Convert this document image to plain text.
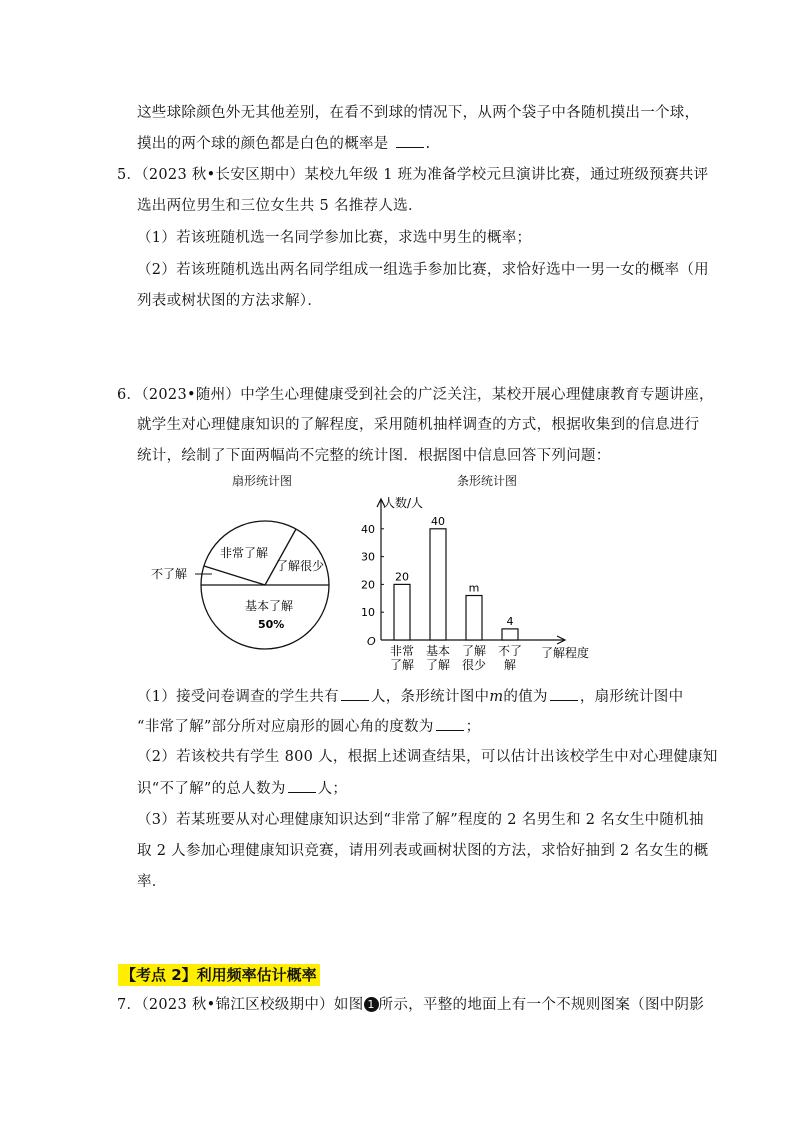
这些球除颜色外无其他差别，在看不到球的情况下，从两个袋子中各随机摸出一个球，
摸出的两个球的颜色都是白色的概率是	.
5．（2023 秋•长安区期中）某校九年级 1 班为准备学校元旦演讲比赛，通过班级预赛共评
选出两位男生和三位女生共 5 名推荐人选．
（1）若该班随机选一名同学参加比赛，求选中男生的概率；
（2）若该班随机选出两名同学组成一组选手参加比赛，求恰好选中一男一女的概率（用
列表或树状图的方法求解）．
6．（2023•随州）中学生心理健康受到社会的广泛关注，某校开展心理健康教育专题讲座，
就学生对心理健康知识的了解程度，采用随机抽样调查的方式，根据收集到的信息进行
统计，绘制了下面两幅尚不完整的统计图．根据图中信息回答下列问题：
扇形统计图
非常了解
了解很少
不了解
基本了解
50%
条形统计图
人数/人
了解程度
O
10
20
30
40
20
非常
了解
40
基本
了解
m
了解
很少
4
不了
解
（1）接受问卷调查的学生共有 人，条形统计图中m的值为 ，扇形统计图中
“非常了解”部分所对应扇形的圆心角的度数为 ；
（2）若该校共有学生 800 人，根据上述调查结果，可以估计出该校学生中对心理健康知
识“不了解”的总人数为 人；
（3）若某班要从对心理健康知识达到“非常了解”程度的 2 名男生和 2 名女生中随机抽
取 2 人参加心理健康知识竞赛，请用列表或画树状图的方法，求恰好抽到 2 名女生的概
率．
【考点 2】利用频率估计概率
7．（2023 秋•锦江区校级期中）如图 1 所示，平整的地面上有一个不规则图案（图中阴影
